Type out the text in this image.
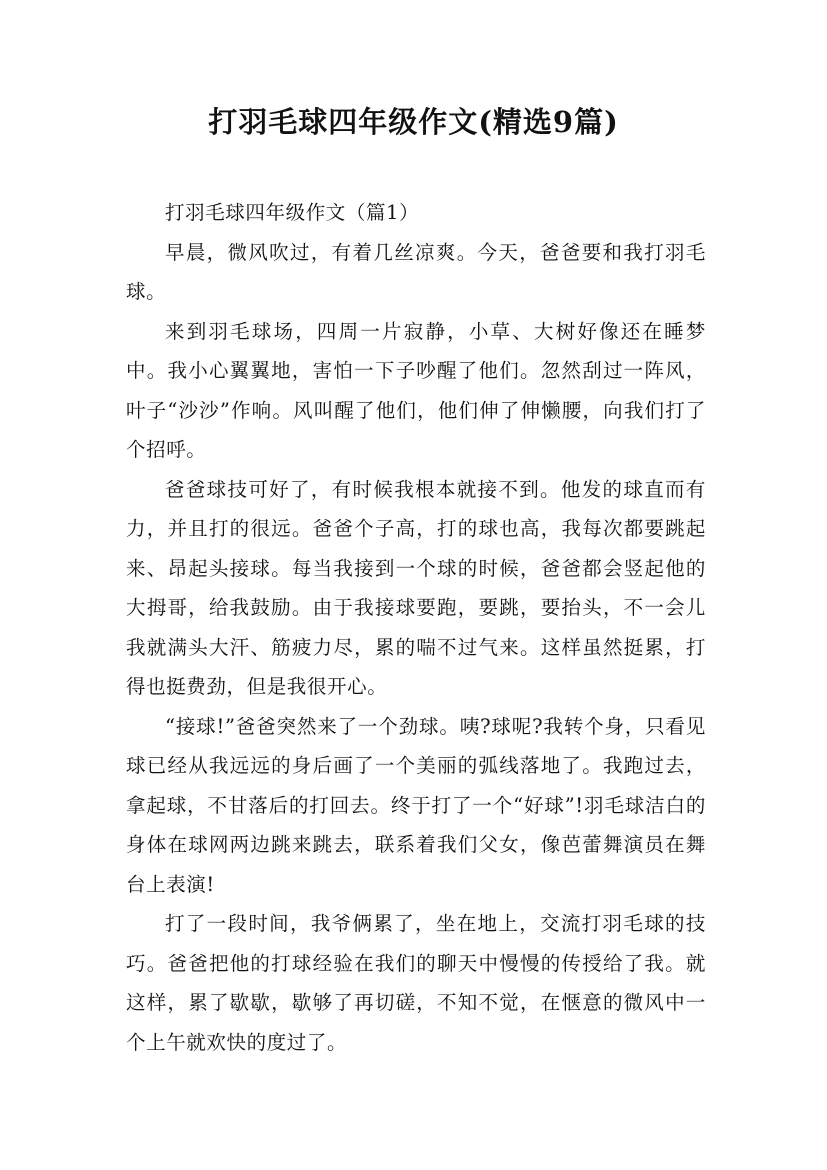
打羽毛球四年级作文(精选9篇)

打羽毛球四年级作文（篇1）

早晨，微风吹过，有着几丝凉爽。今天，爸爸要和我打羽毛球。

来到羽毛球场，四周一片寂静，小草、大树好像还在睡梦中。我小心翼翼地，害怕一下子吵醒了他们。忽然刮过一阵风，叶子“沙沙”作响。风叫醒了他们，他们伸了伸懒腰，向我们打了个招呼。

爸爸球技可好了，有时候我根本就接不到。他发的球直而有力，并且打的很远。爸爸个子高，打的球也高，我每次都要跳起来、昂起头接球。每当我接到一个球的时候，爸爸都会竖起他的大拇哥，给我鼓励。由于我接球要跑，要跳，要抬头，不一会儿我就满头大汗、筋疲力尽，累的喘不过气来。这样虽然挺累，打得也挺费劲，但是我很开心。

“接球!”爸爸突然来了一个劲球。咦?球呢?我转个身，只看见球已经从我远远的身后画了一个美丽的弧线落地了。我跑过去，拿起球，不甘落后的打回去。终于打了一个“好球”!羽毛球洁白的身体在球网两边跳来跳去，联系着我们父女，像芭蕾舞演员在舞台上表演!

打了一段时间，我爷俩累了，坐在地上，交流打羽毛球的技巧。爸爸把他的打球经验在我们的聊天中慢慢的传授给了我。就这样，累了歇歇，歇够了再切磋，不知不觉，在惬意的微风中一个上午就欢快的度过了。
